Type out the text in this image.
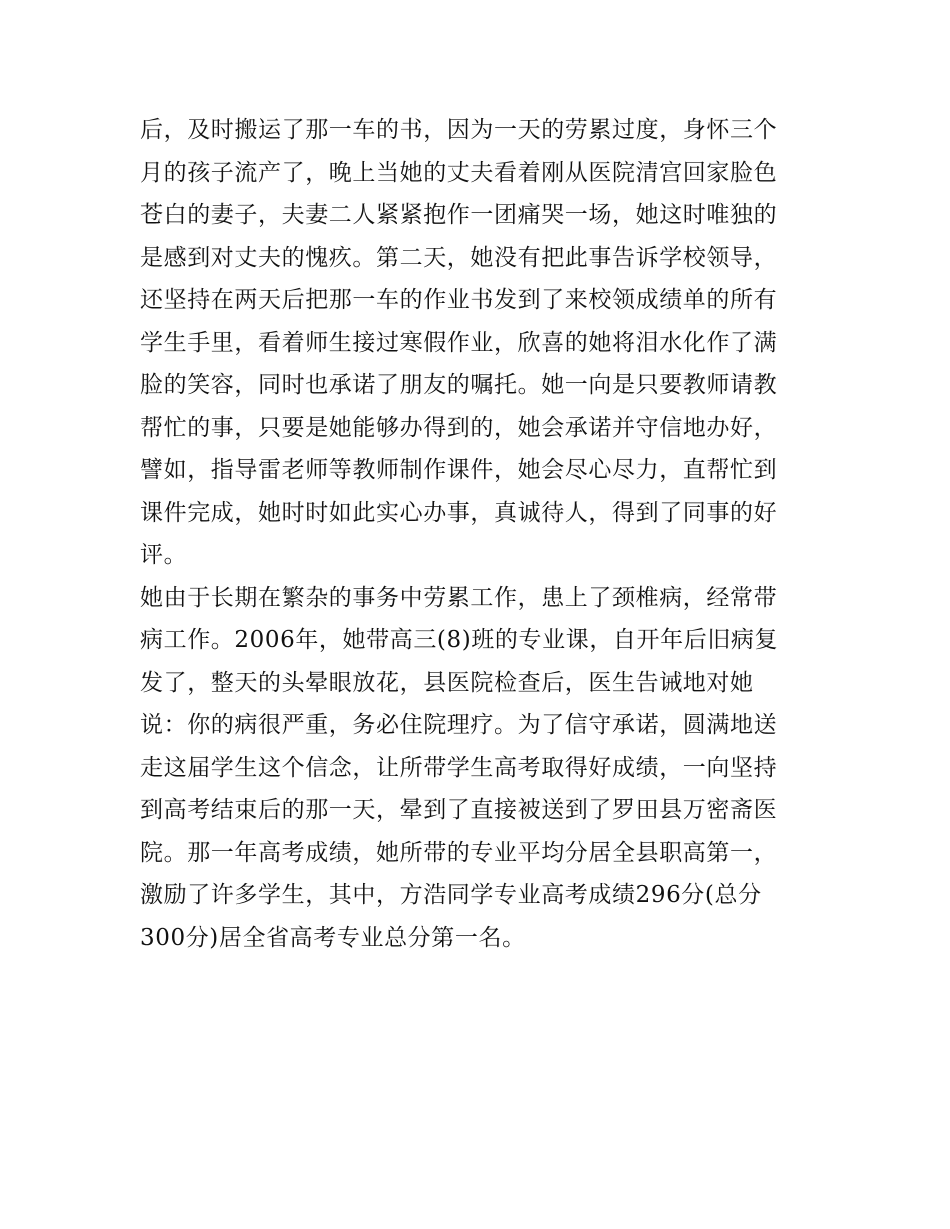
后，及时搬运了那一车的书，因为一天的劳累过度，身怀三个
月的孩子流产了，晚上当她的丈夫看着刚从医院清宫回家脸色
苍白的妻子，夫妻二人紧紧抱作一团痛哭一场，她这时唯独的
是感到对丈夫的愧疚。第二天，她没有把此事告诉学校领导，
还坚持在两天后把那一车的作业书发到了来校领成绩单的所有
学生手里，看着师生接过寒假作业，欣喜的她将泪水化作了满
脸的笑容，同时也承诺了朋友的嘱托。她一向是只要教师请教
帮忙的事，只要是她能够办得到的，她会承诺并守信地办好，
譬如，指导雷老师等教师制作课件，她会尽心尽力，直帮忙到
课件完成，她时时如此实心办事，真诚待人，得到了同事的好
评。
她由于长期在繁杂的事务中劳累工作，患上了颈椎病，经常带
病工作。2006年，她带高三(8)班的专业课，自开年后旧病复
发了，整天的头晕眼放花，县医院检查后，医生告诫地对她
说：你的病很严重，务必住院理疗。为了信守承诺，圆满地送
走这届学生这个信念，让所带学生高考取得好成绩，一向坚持
到高考结束后的那一天，晕到了直接被送到了罗田县万密斋医
院。那一年高考成绩，她所带的专业平均分居全县职高第一，
激励了许多学生，其中，方浩同学专业高考成绩296分(总分
300分)居全省高考专业总分第一名。
